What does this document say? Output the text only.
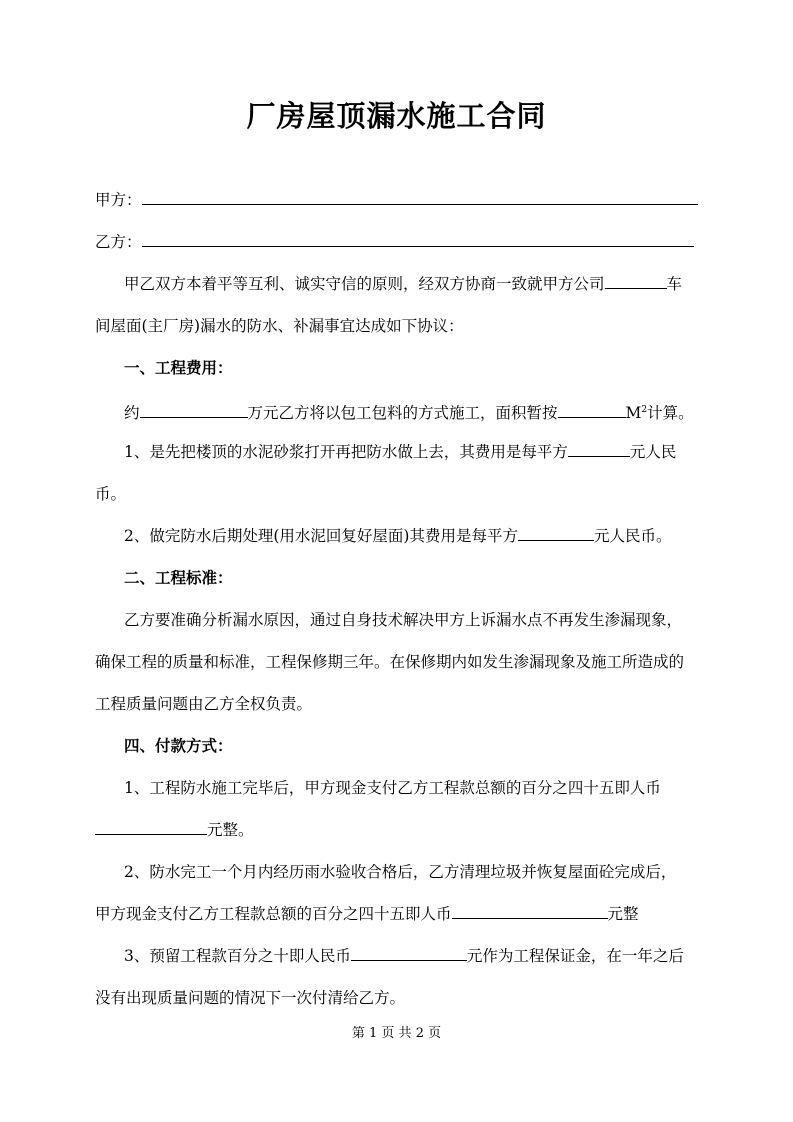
厂房屋顶漏水施工合同
甲方：
乙方：
甲乙双方本着平等互利、诚实守信的原则，经双方协商一致就甲方公司	车
间屋面(主厂房)漏水的防水、补漏事宜达成如下协议：
一、工程费用：
约	万元乙方将以包工包料的方式施工，面积暂按	$M^2$计算。
1、是先把楼顶的水泥砂浆打开再把防水做上去，其费用是每平方	元人民
币。
2、做完防水后期处理(用水泥回复好屋面)其费用是每平方	元人民币。
二、工程标准：
乙方要准确分析漏水原因，通过自身技术解决甲方上诉漏水点不再发生渗漏现象，
确保工程的质量和标准，工程保修期三年。在保修期内如发生渗漏现象及施工所造成的
工程质量问题由乙方全权负责。
四、付款方式：
1、工程防水施工完毕后，甲方现金支付乙方工程款总额的百分之四十五即人币
元整。
2、防水完工一个月内经历雨水验收合格后，乙方清理垃圾并恢复屋面砼完成后，
甲方现金支付乙方工程款总额的百分之四十五即人币	元整
3、预留工程款百分之十即人民币	元作为工程保证金，在一年之后
没有出现质量问题的情况下一次付清给乙方。
第 1 页 共 2 页
